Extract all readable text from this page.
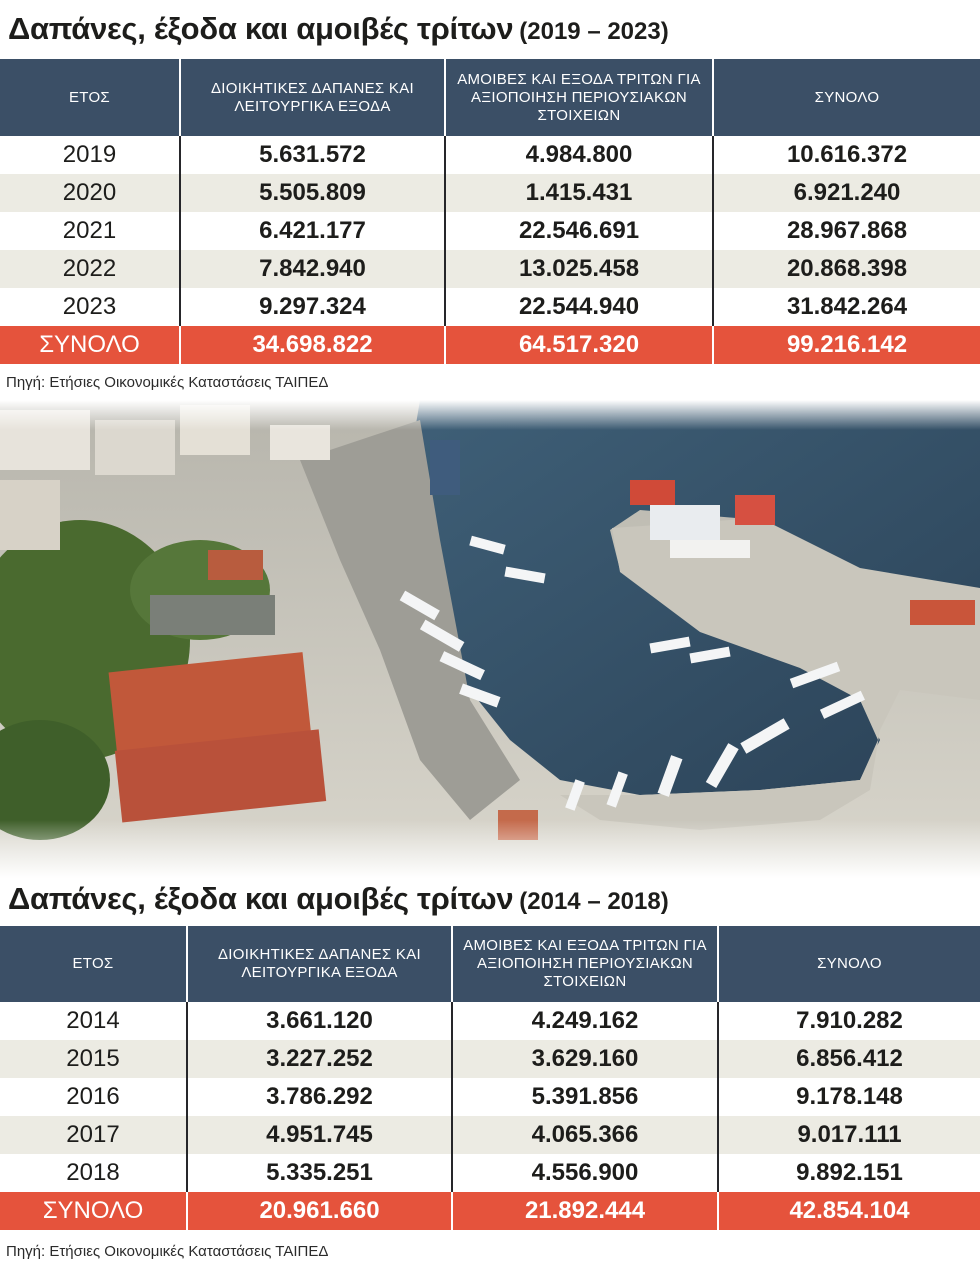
Δαπάνες, έξοδα και αμοιβές τρίτων (2019 – 2023)
ΕΤΟΣ	ΔΙΟΙΚΗΤΙΚΕΣ ΔΑΠΑΝΕΣ ΚΑΙ ΛΕΙΤΟΥΡΓΙΚΑ ΕΞΟΔΑ	ΑΜΟΙΒΕΣ ΚΑΙ ΕΞΟΔΑ ΤΡΙΤΩΝ ΓΙΑ ΑΞΙΟΠΟΙΗΣΗ ΠΕΡΙΟΥΣΙΑΚΩΝ ΣΤΟΙΧΕΙΩΝ	ΣΥΝΟΛΟ
2019	5.631.572	4.984.800	10.616.372
2020	5.505.809	1.415.431	6.921.240
2021	6.421.177	22.546.691	28.967.868
2022	7.842.940	13.025.458	20.868.398
2023	9.297.324	22.544.940	31.842.264
ΣΥΝΟΛΟ	34.698.822	64.517.320	99.216.142

Πηγή: Ετήσιες Οικονομικές Καταστάσεις ΤΑΙΠΕΔ

Δαπάνες, έξοδα και αμοιβές τρίτων (2014 – 2018)
ΕΤΟΣ	ΔΙΟΙΚΗΤΙΚΕΣ ΔΑΠΑΝΕΣ ΚΑΙ ΛΕΙΤΟΥΡΓΙΚΑ ΕΞΟΔΑ	ΑΜΟΙΒΕΣ ΚΑΙ ΕΞΟΔΑ ΤΡΙΤΩΝ ΓΙΑ ΑΞΙΟΠΟΙΗΣΗ ΠΕΡΙΟΥΣΙΑΚΩΝ ΣΤΟΙΧΕΙΩΝ	ΣΥΝΟΛΟ
2014	3.661.120	4.249.162	7.910.282
2015	3.227.252	3.629.160	6.856.412
2016	3.786.292	5.391.856	9.178.148
2017	4.951.745	4.065.366	9.017.111
2018	5.335.251	4.556.900	9.892.151
ΣΥΝΟΛΟ	20.961.660	21.892.444	42.854.104

Πηγή: Ετήσιες Οικονομικές Καταστάσεις ΤΑΙΠΕΔ
